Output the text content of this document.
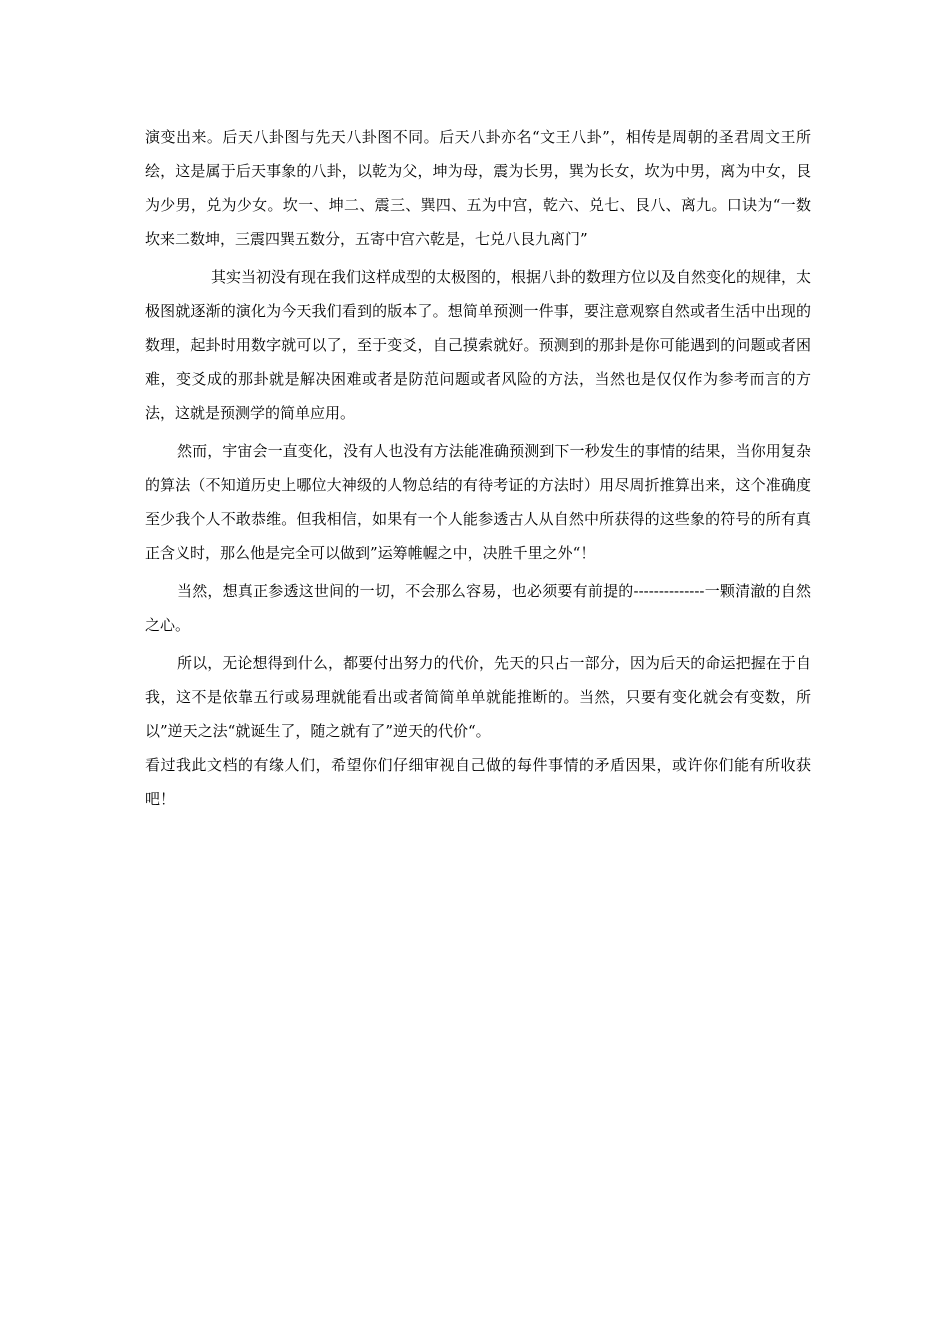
演变出来。后天八卦图与先天八卦图不同。后天八卦亦名“文王八卦”，相传是周朝的圣君周文王所绘，这是属于后天事象的八卦，以乾为父，坤为母，震为长男，巽为长女，坎为中男，离为中女，艮为少男，兑为少女。坎一、坤二、震三、巽四、五为中宫，乾六、兑七、艮八、离九。口诀为“一数坎来二数坤，三震四巽五数分，五寄中宫六乾是，七兑八艮九离门”

其实当初没有现在我们这样成型的太极图的，根据八卦的数理方位以及自然变化的规律，太极图就逐渐的演化为今天我们看到的版本了。想简单预测一件事，要注意观察自然或者生活中出现的数理，起卦时用数字就可以了，至于变爻，自己摸索就好。预测到的那卦是你可能遇到的问题或者困难，变爻成的那卦就是解决困难或者是防范问题或者风险的方法，当然也是仅仅作为参考而言的方法，这就是预测学的简单应用。

然而，宇宙会一直变化，没有人也没有方法能准确预测到下一秒发生的事情的结果，当你用复杂的算法（不知道历史上哪位大神级的人物总结的有待考证的方法时）用尽周折推算出来，这个准确度至少我个人不敢恭维。但我相信，如果有一个人能参透古人从自然中所获得的这些象的符号的所有真正含义时，那么他是完全可以做到”运筹帷幄之中，决胜千里之外“！

当然，想真正参透这世间的一切，不会那么容易，也必须要有前提的--------------一颗清澈的自然之心。

所以，无论想得到什么，都要付出努力的代价，先天的只占一部分，因为后天的命运把握在于自我，这不是依靠五行或易理就能看出或者简简单单就能推断的。当然，只要有变化就会有变数，所以”逆天之法“就诞生了，随之就有了”逆天的代价“。

看过我此文档的有缘人们，希望你们仔细审视自己做的每件事情的矛盾因果，或许你们能有所收获吧！
